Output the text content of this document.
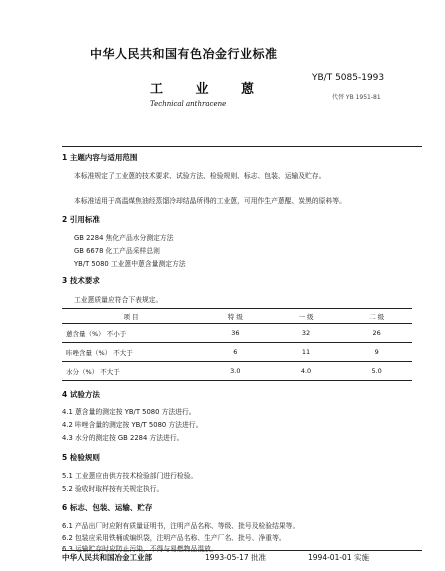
中华人民共和国有色冶金行业标准
YB/T 5085-1993
工 业 蒽
代替 YB 1951-81
Technical anthracene
1 主题内容与适用范围
本标准规定了工业蒽的技术要求、试验方法、检验规则、标志、包装、运输及贮存。
本标准适用于高温煤焦油经蒸馏冷却结晶所得的工业蒽，可用作生产蒽醌、炭黑的原料等。
2 引用标准
GB 2284 焦化产品水分测定方法
GB 6678 化工产品采样总则
YB/T 5080 工业蒽中蒽含量测定方法
3 技术要求
工业蒽质量应符合下表规定。
项 目	特 级	一 级	二 级
蒽含量（%） 不小于	36	32	26
咔唑含量（%） 不大于	6	11	9
水分（%） 不大于	3.0	4.0	5.0
4 试验方法
4.1 蒽含量的测定按 YB/T 5080 方法进行。
4.2 咔唑含量的测定按 YB/T 5080 方法进行。
4.3 水分的测定按 GB 2284 方法进行。
5 检验规则
5.1 工业蒽应由供方技术检验部门进行检验。
5.2 验收时取样按有关规定执行。
6 标志、包装、运输、贮存
6.1 产品出厂时应附有质量证明书，注明产品名称、等级、批号及检验结果等。
6.2 包装应采用铁桶或编织袋，注明产品名称、生产厂名、批号、净重等。
6.3 运输贮存时应防止污染，不得与易燃物品混放。
中华人民共和国冶金工业部	1993-05-17 批准	1994-01-01 实施
